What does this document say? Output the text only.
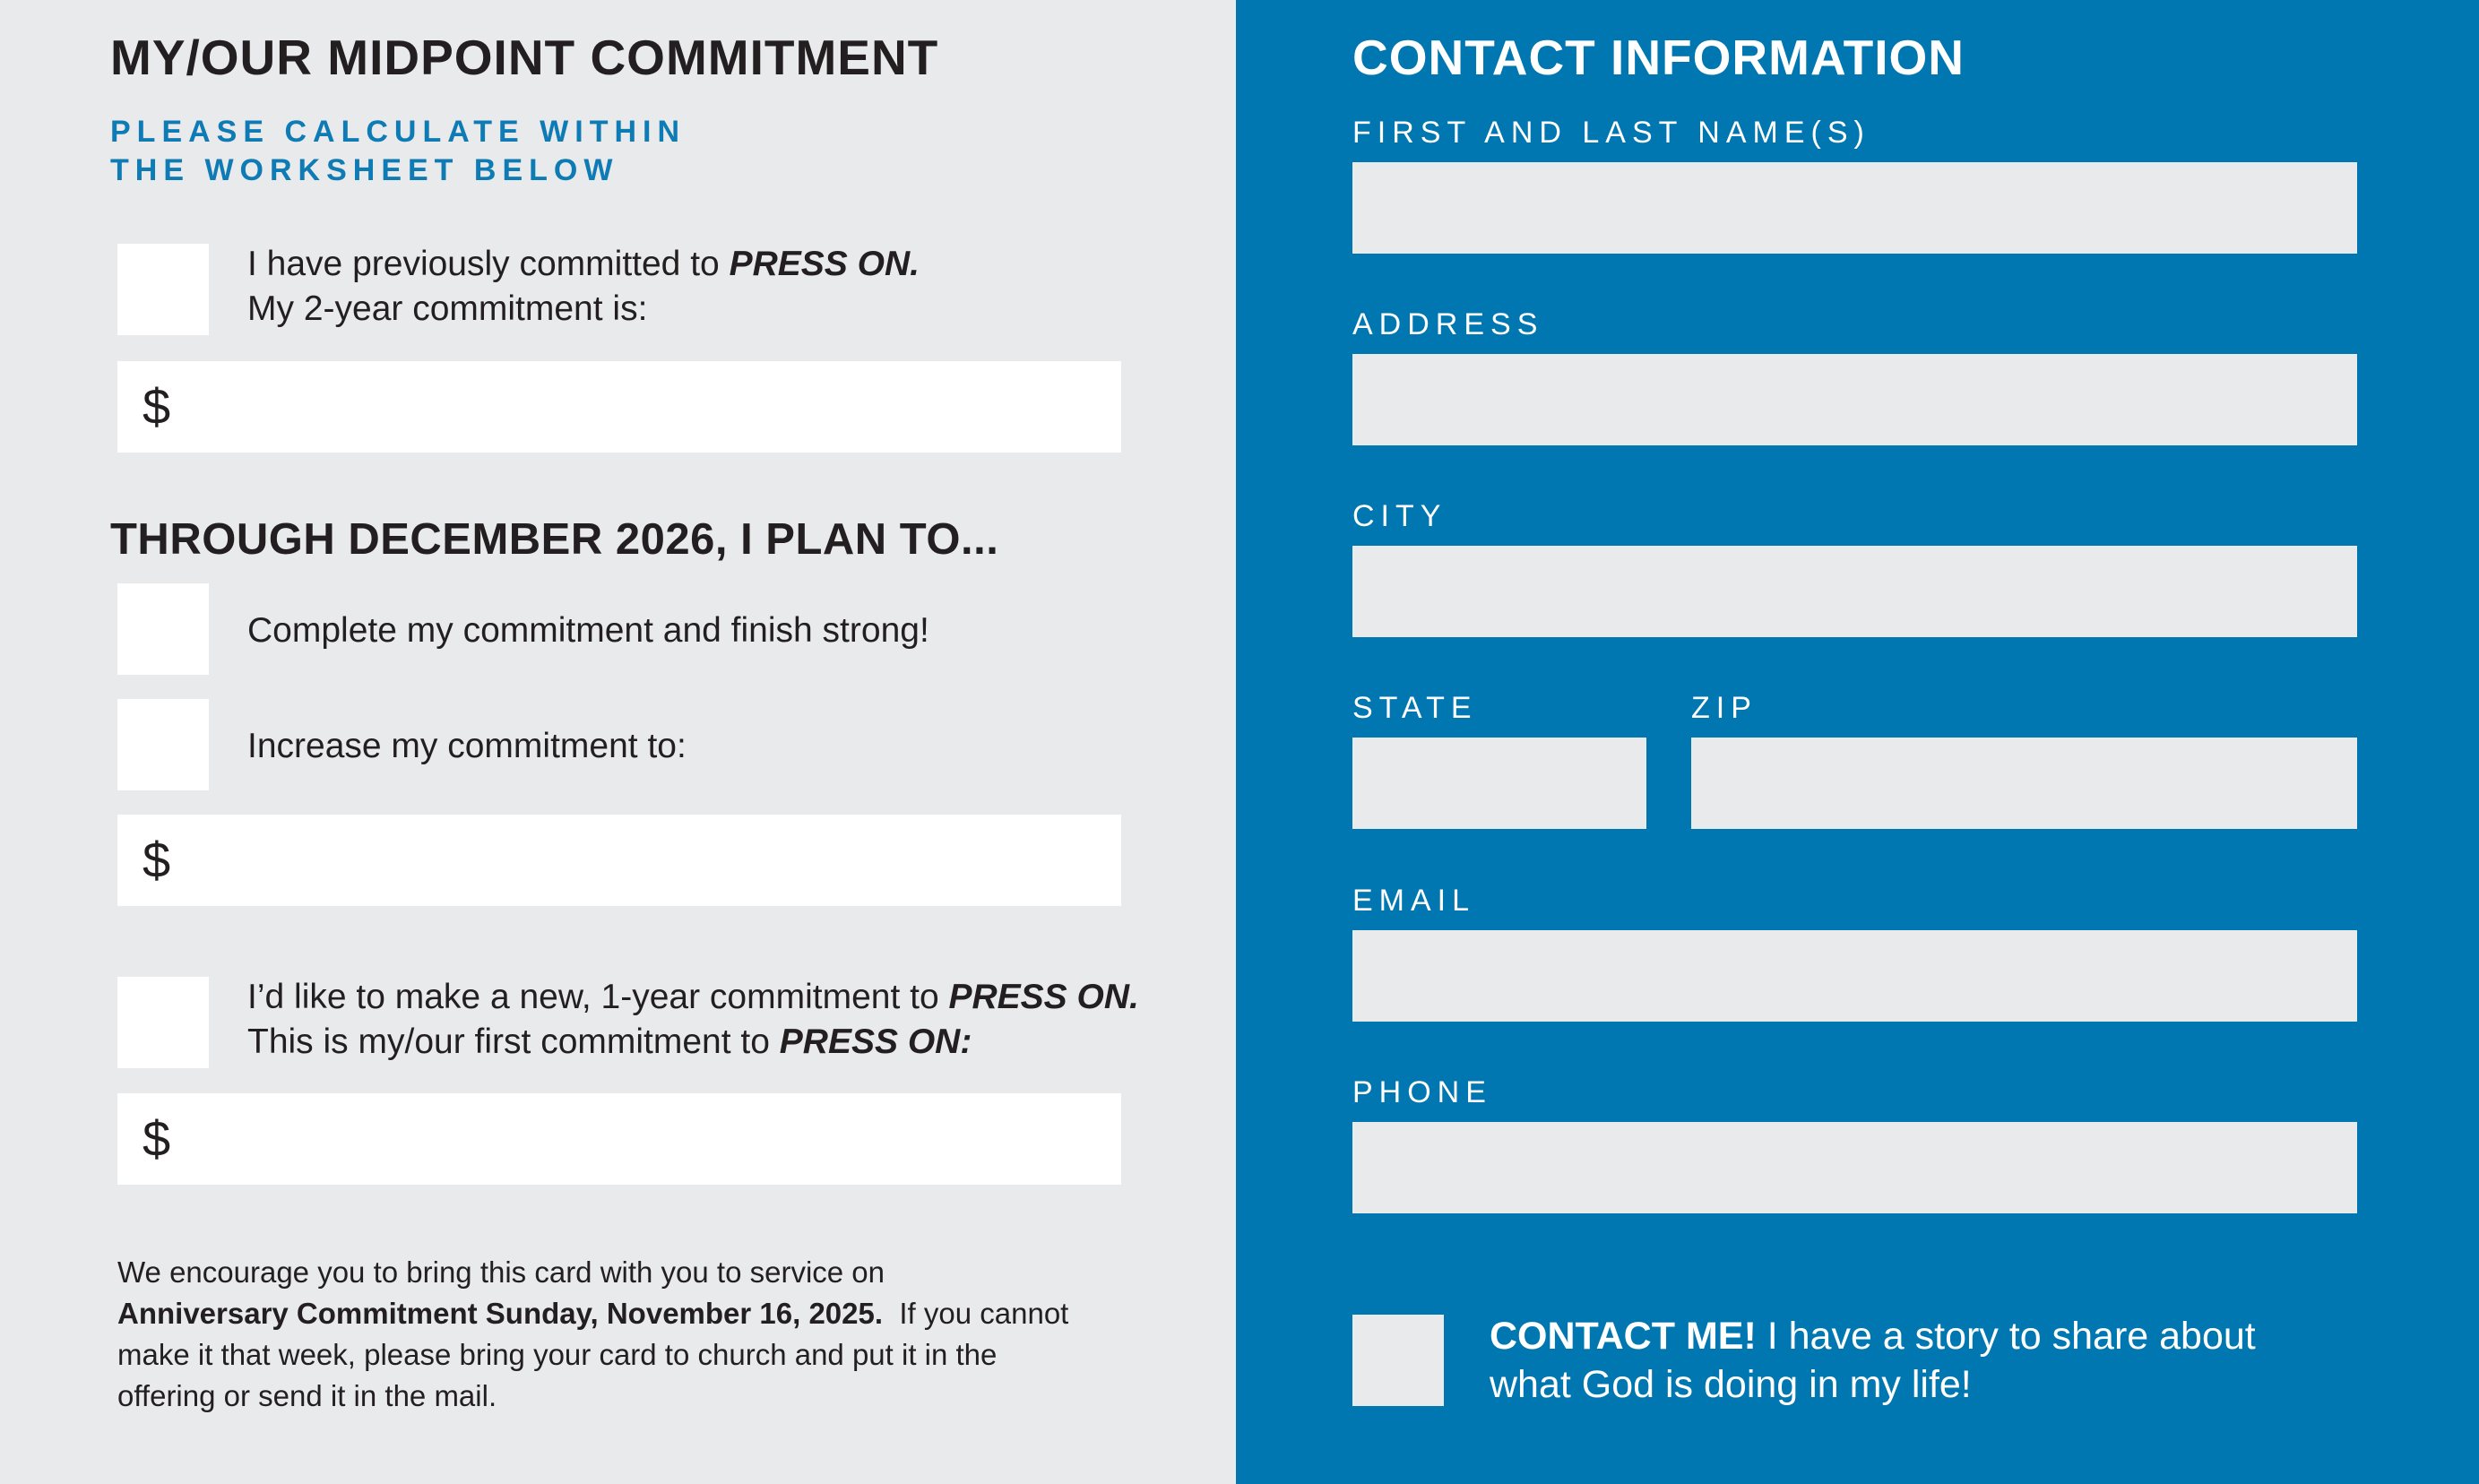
MY/OUR MIDPOINT COMMITMENT
PLEASE CALCULATE WITHIN
THE WORKSHEET BELOW
I have previously committed to PRESS ON.
My 2-year commitment is:
$
THROUGH DECEMBER 2026, I PLAN TO...
Complete my commitment and finish strong!
Increase my commitment to:
$
I’d like to make a new, 1-year commitment to PRESS ON.
This is my/our first commitment to PRESS ON:
$
We encourage you to bring this card with you to service on
Anniversary Commitment Sunday, November 16, 2025.  If you cannot
make it that week, please bring your card to church and put it in the
offering or send it in the mail.
CONTACT INFORMATION
FIRST AND LAST NAME(S)
ADDRESS
CITY
STATE	ZIP
EMAIL
PHONE
CONTACT ME! I have a story to share about
what God is doing in my life!
